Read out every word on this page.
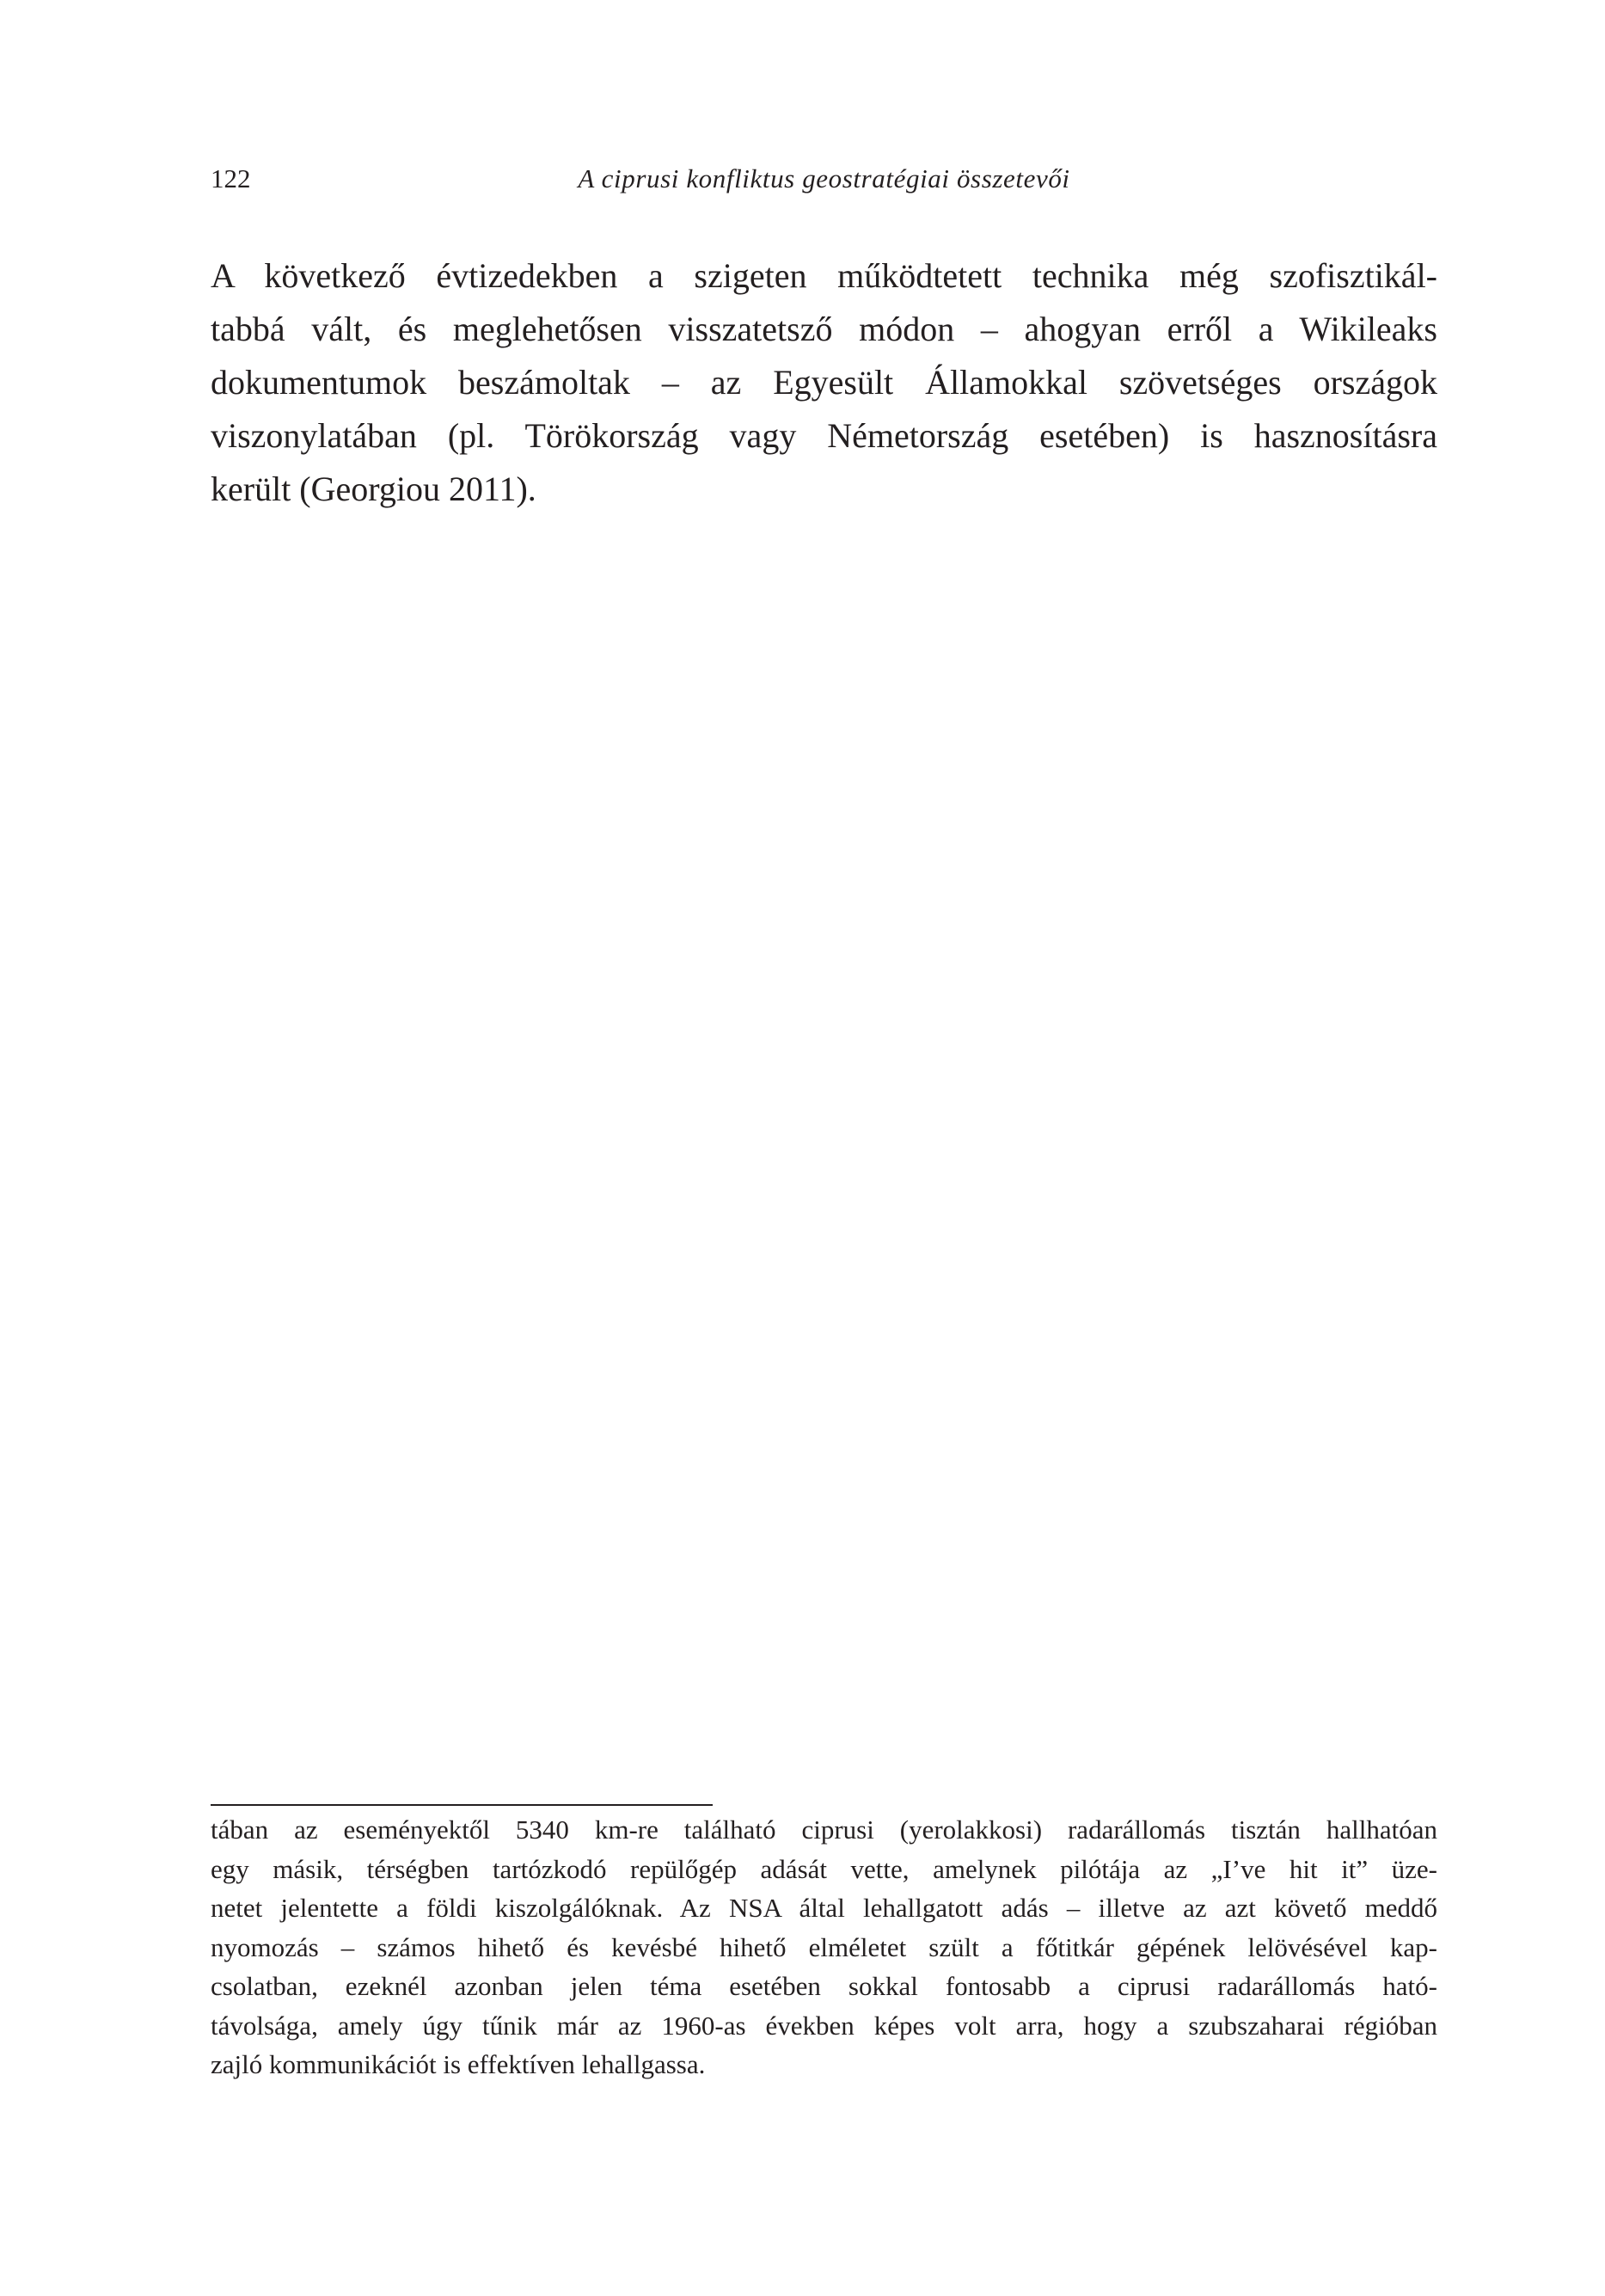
122	A ciprusi konfliktus geostratégiai összetevői
A következő évtizedekben a szigeten működtetett technika még szofisztikál-
tabbá vált, és meglehetősen visszatetsző módon – ahogyan erről a Wikileaks
dokumentumok beszámoltak – az Egyesült Államokkal szövetséges országok
viszonylatában (pl. Törökország vagy Németország esetében) is hasznosításra
került (Georgiou 2011).
tában az eseményektől 5340 km-re található ciprusi (yerolakkosi) radarállomás tisztán hallhatóan
egy másik, térségben tartózkodó repülőgép adását vette, amelynek pilótája az „I’ve hit it” üze-
netet jelentette a földi kiszolgálóknak. Az NSA által lehallgatott adás – illetve az azt követő meddő
nyomozás – számos hihető és kevésbé hihető elméletet szült a főtitkár gépének lelövésével kap-
csolatban, ezeknél azonban jelen téma esetében sokkal fontosabb a ciprusi radarállomás ható-
távolsága, amely úgy tűnik már az 1960-as években képes volt arra, hogy a szubszaharai régióban
zajló kommunikációt is effektíven lehallgassa.
